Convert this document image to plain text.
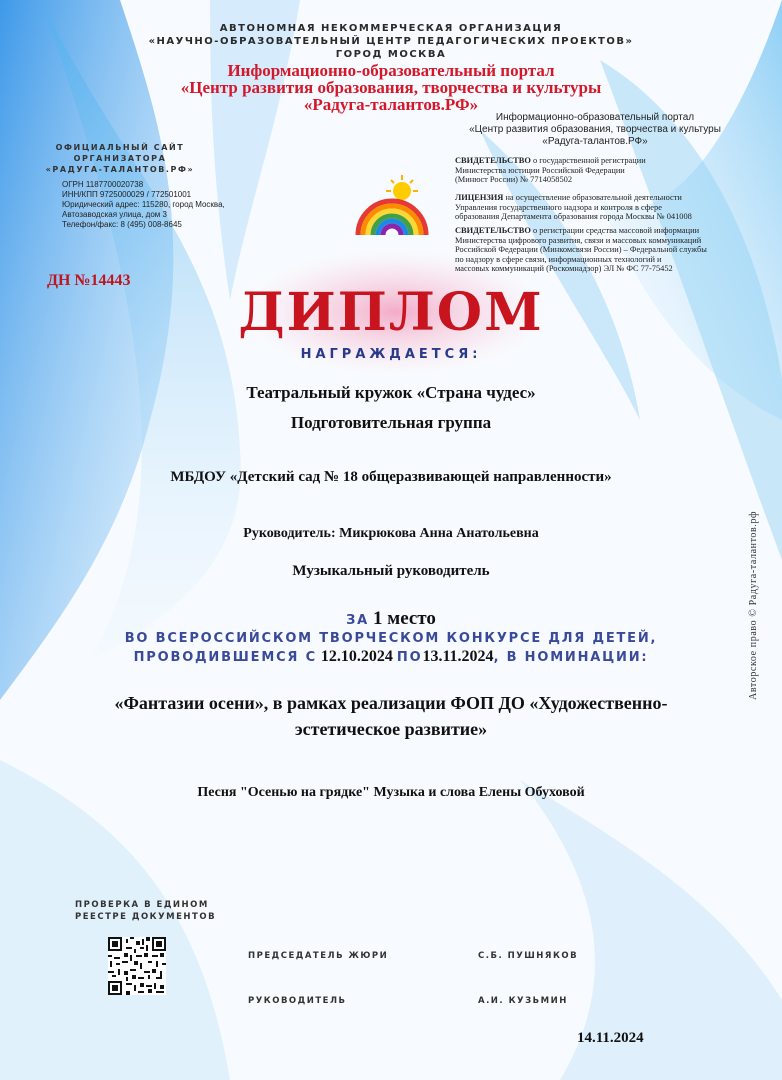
АВТОНОМНАЯ НЕКОММЕРЧЕСКАЯ ОРГАНИЗАЦИЯ
«НАУЧНО-ОБРАЗОВАТЕЛЬНЫЙ ЦЕНТР ПЕДАГОГИЧЕСКИХ ПРОЕКТОВ»
ГОРОД МОСКВА
Информационно-образовательный портал
«Центр развития образования, творчества и культуры
«Радуга-талантов.РФ»
ОФИЦИАЛЬНЫЙ САЙТ
ОРГАНИЗАТОРА
«РАДУГА-ТАЛАНТОВ.РФ»
ОГРН 1187700020738
ИНН/КПП 9725000029 / 772501001
Юридический адрес: 115280, город Москва,
Автозаводская улица, дом 3
Телефон/факс: 8 (495) 008-8645
Информационно-образовательный портал
«Центр развития образования, творчества и культуры
«Радуга-талантов.РФ»
СВИДЕТЕЛЬСТВО о государственной регистрации
Министерства юстиции Российской Федерации
(Минюст России) № 7714058502
ЛИЦЕНЗИЯ на осуществление образовательной деятельности
Управления государственного надзора и контроля в сфере
образования Департамента образования города Москвы № 041008
СВИДЕТЕЛЬСТВО о регистрации средства массовой информации
Министерства цифрового развития, связи и массовых коммуникаций
Российской Федерации (Минкомсвязи России) – Федеральной службы
по надзору в сфере связи, информационных технологий и
массовых коммуникаций (Роскомнадзор) ЭЛ № ФС 77-75452
ДН №14443
ДИПЛОМ
НАГРАЖДАЕТСЯ:
Театральный кружок «Страна чудес»
Подготовительная группа
МБДОУ «Детский сад № 18 общеразвивающей направленности»
Руководитель: Микрюкова Анна Анатольевна
Музыкальный руководитель
ЗА 1 место
ВО ВСЕРОССИЙСКОМ ТВОРЧЕСКОМ КОНКУРСЕ ДЛЯ ДЕТЕЙ,
ПРОВОДИВШЕМСЯ С 12.10.2024 ПО13.11.2024, В НОМИНАЦИИ:
«Фантазии осени», в рамках реализации ФОП ДО «Художественно-
эстетическое развитие»
Песня "Осенью на грядке" Музыка и слова Елены Обуховой
ПРОВЕРКА В ЕДИНОМ
РЕЕСТРЕ ДОКУМЕНТОВ
ПРЕДСЕДАТЕЛЬ ЖЮРИ	С.Б. ПУШНЯКОВ
РУКОВОДИТЕЛЬ	А.И. КУЗЬМИН
14.11.2024
Авторское право © Радуга-талантов.рф
